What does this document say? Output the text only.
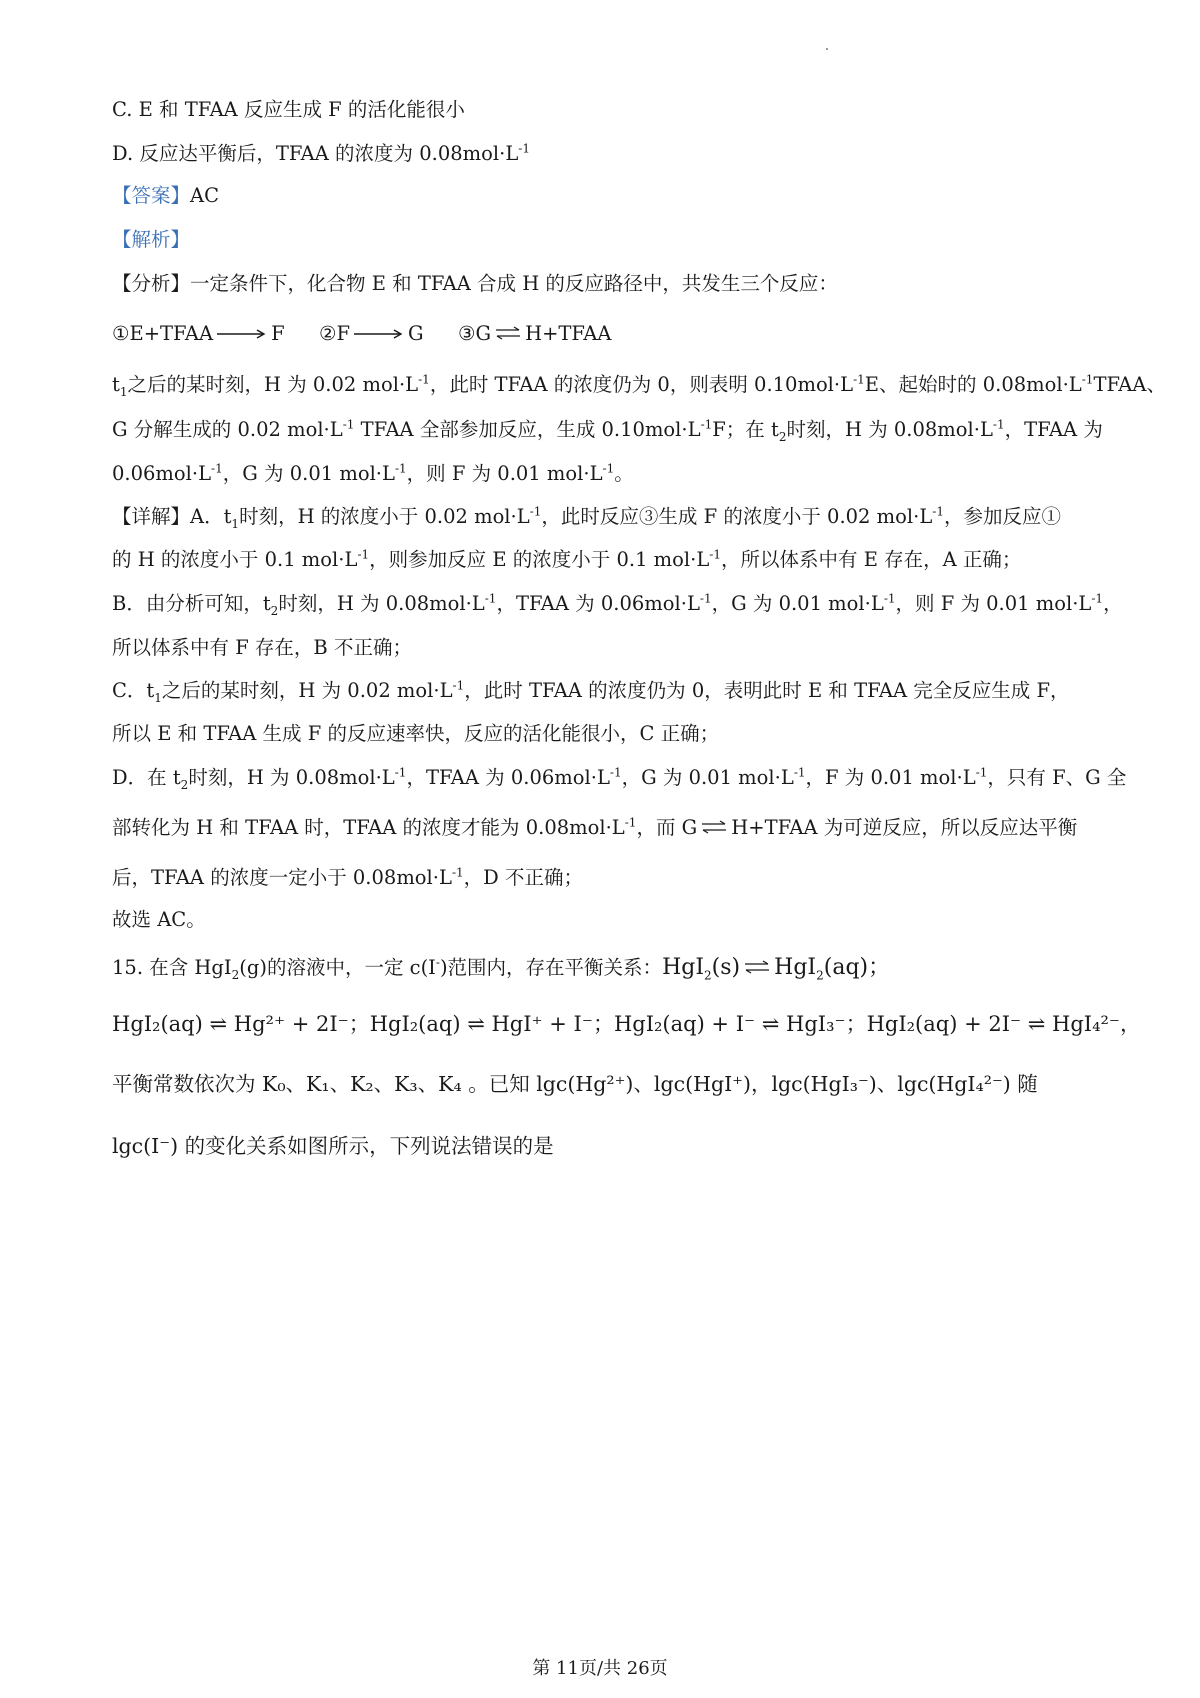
C. E 和 TFAA 反应生成 F 的活化能很小
D. 反应达平衡后，TFAA 的浓度为 $0.08mol\cdot L^{-1}$
【答案】AC
【解析】
【分析】一定条件下，化合物 E 和 TFAA 合成 H 的反应路径中，共发生三个反应：
①E+TFAA	F ②F	G ③G ⇌ H+TFAA
$t_1$之后的某时刻，H 为 0.02 $mol\cdot L^{-1}$，此时 TFAA 的浓度仍为 0，则表明 $0.10mol\cdot L^{-1}E$、起始时的 $0.08mol\cdot L^{-1}TFAA$、
G 分解生成的 0.02 $mol\cdot L^{-1}$ TFAA 全部参加反应，生成 $0.10mol\cdot L^{-1}F$；在 $t_2$时刻，H 为 $0.08mol\cdot L^{-1}$，TFAA 为
$0.06mol\cdot L^{-1}$，G 为 0.01 $mol\cdot L^{-1}$，则 F 为 0.01 $mol\cdot L^{-1}$。
【详解】A．$t_1$时刻，H 的浓度小于 0.02 $mol\cdot L^{-1}$，此时反应③生成 F 的浓度小于 0.02 $mol\cdot L^{-1}$，参加反应①
的 H 的浓度小于 0.1 $mol\cdot L^{-1}$，则参加反应 E 的浓度小于 0.1 $mol\cdot L^{-1}$，所以体系中有 E 存在，A 正确；
B．由分析可知，$t_2$时刻，H 为 $0.08mol\cdot L^{-1}$，TFAA 为 $0.06mol\cdot L^{-1}$，G 为 0.01 $mol\cdot L^{-1}$，则 F 为 0.01 $mol\cdot L^{-1}$，
所以体系中有 F 存在，B 不正确；
C．$t_1$之后的某时刻，H 为 0.02 $mol\cdot L^{-1}$，此时 TFAA 的浓度仍为 0，表明此时 E 和 TFAA 完全反应生成 F，
所以 E 和 TFAA 生成 F 的反应速率快，反应的活化能很小，C 正确；
D．在 $t_2$时刻，H 为 $0.08mol\cdot L^{-1}$，TFAA 为 $0.06mol\cdot L^{-1}$，G 为 0.01 $mol\cdot L^{-1}$，F 为 0.01 $mol\cdot L^{-1}$，只有 F、G 全
部转化为 H 和 TFAA 时，TFAA 的浓度才能为 $0.08mol\cdot L^{-1}$，而 G ⇌ H+TFAA 为可逆反应，所以反应达平衡
后，TFAA 的浓度一定小于 $0.08mol\cdot L^{-1}$，D 不正确；
故选 AC。
15. 在含 HgI$_2$(g)的溶液中，一定 c(I-)范围内，存在平衡关系：HgI$_2$(s) ⇌ HgI$_2$(aq)；
HgI₂(aq) ⇌ Hg²⁺ + 2I⁻；HgI₂(aq) ⇌ HgI⁺ + I⁻；HgI₂(aq) + I⁻ ⇌ HgI₃⁻；HgI₂(aq) + 2I⁻ ⇌ HgI₄²⁻，
平衡常数依次为 K₀、K₁、K₂、K₃、K₄ 。已知 lgc(Hg²⁺)、lgc(HgI⁺)，lgc(HgI₃⁻)、lgc(HgI₄²⁻) 随
lgc(I⁻) 的变化关系如图所示，下列说法错误的是
第 11页/共 26页
